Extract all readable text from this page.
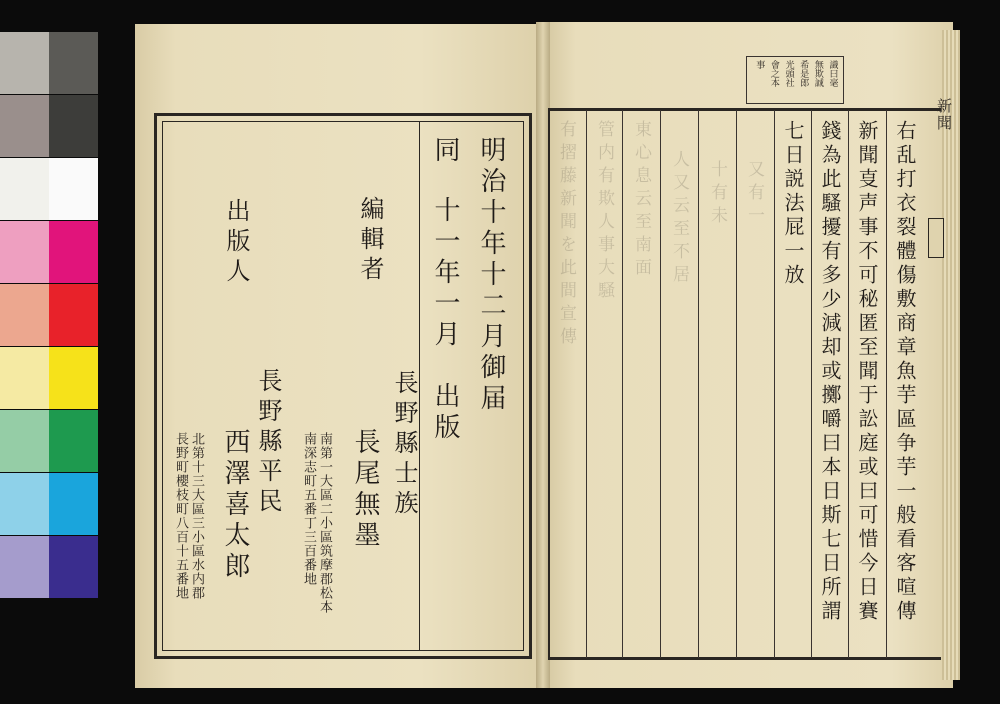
明治十年十二月御届
同
十一年一月　出版
編輯者
長野縣士族
長尾無墨
南第一大區二小區筑摩郡松本
南深志町五番丁三百番地
出版人
長野縣平民
西澤喜太郎
北第十三大區三小區水内郡
長野町櫻枝町八百十五番地
識曰毫
無欺誠
希是郎
光頭社
會之本
事
新聞
有摺藤新聞を此間宣傳 管内有欺人事大騒 東心息云至南面 人又云至不居 十有未 又有一	右乱打衣裂體傷敷商章魚芋區争芋一般看客喧傳
新聞㕝声事不可秘匿至聞于訟庭或曰可惜今日賽
錢為此騷擾有多少減却或擲嚼曰本日斯七日所謂
七日説法屁一放
